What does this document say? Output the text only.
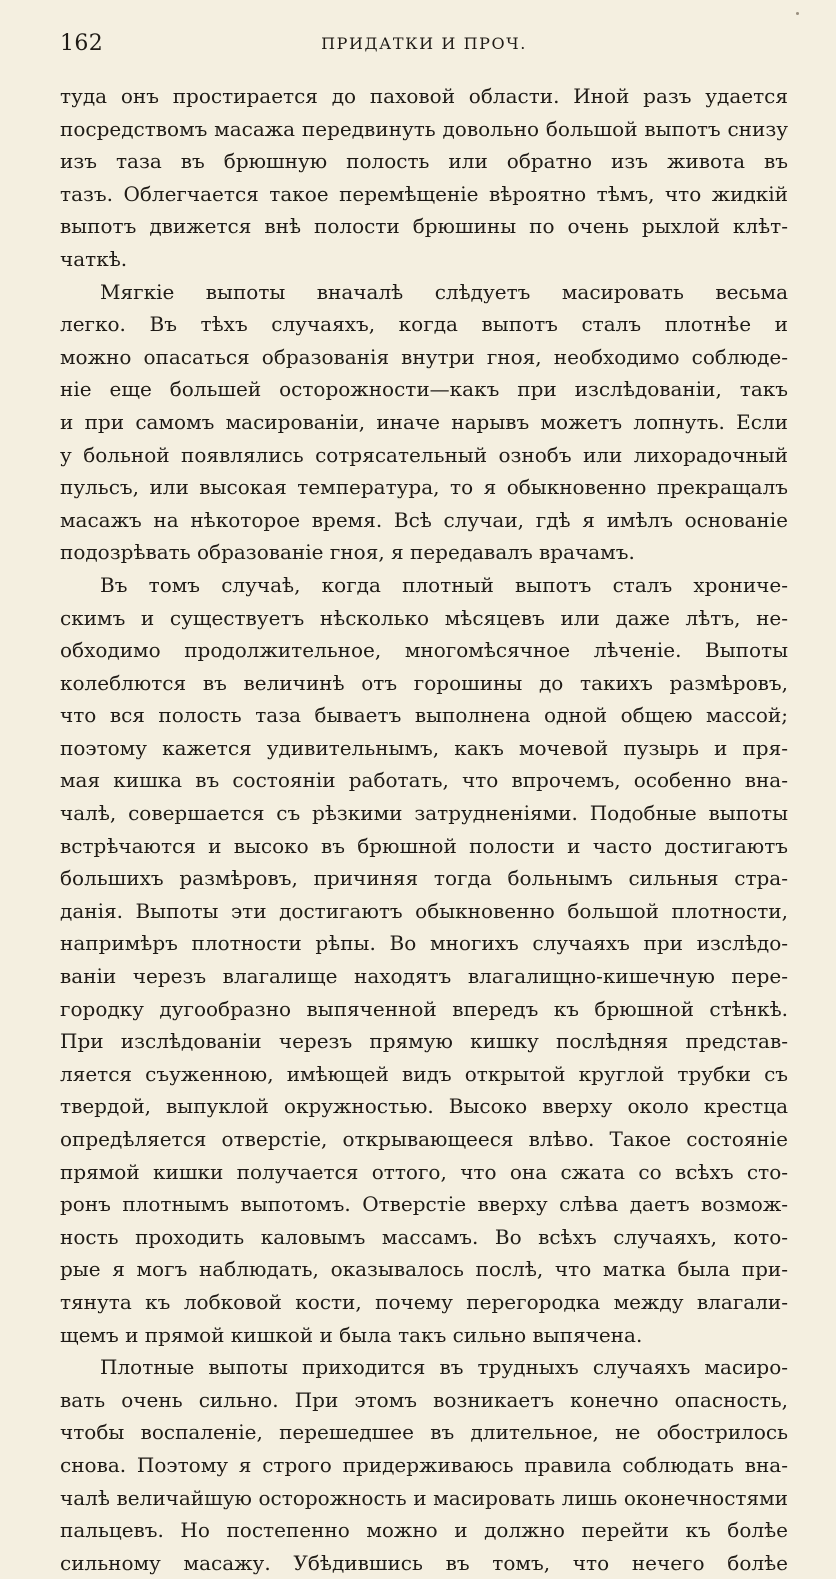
162	ПРИДАТКИ И ПРОЧ.
туда онъ простирается до паховой области. Иной разъ удается
посредствомъ масажа передвинуть довольно большой выпотъ снизу
изъ таза въ брюшную полость или обратно изъ живота въ
тазъ. Облегчается такое перемѣщеніе вѣроятно тѣмъ, что жидкій
выпотъ движется внѣ полости брюшины по очень рыхлой клѣт-
чаткѣ.
Мягкіе выпоты вначалѣ слѣдуетъ масировать весьма
легко. Въ тѣхъ случаяхъ, когда выпотъ сталъ плотнѣе и
можно опасаться образованія внутри гноя, необходимо соблюде-
ніе еще большей осторожности—какъ при изслѣдованіи, такъ
и при самомъ масированіи, иначе нарывъ можетъ лопнуть. Если
у больной появлялись сотрясательный ознобъ или лихорадочный
пульсъ, или высокая температура, то я обыкновенно прекращалъ
масажъ на нѣкоторое время. Всѣ случаи, гдѣ я имѣлъ основаніе
подозрѣвать образованіе гноя, я передавалъ врачамъ.
Въ томъ случаѣ, когда плотный выпотъ сталъ хрониче-
скимъ и существуетъ нѣсколько мѣсяцевъ или даже лѣтъ, не-
обходимо продолжительное, многомѣсячное лѣченіе. Выпоты
колеблются въ величинѣ отъ горошины до такихъ размѣровъ,
что вся полость таза бываетъ выполнена одной общею массой;
поэтому кажется удивительнымъ, какъ мочевой пузырь и пря-
мая кишка въ состояніи работать, что впрочемъ, особенно вна-
чалѣ, совершается съ рѣзкими затрудненіями. Подобные выпоты
встрѣчаются и высоко въ брюшной полости и часто достигаютъ
большихъ размѣровъ, причиняя тогда больнымъ сильныя стра-
данія. Выпоты эти достигаютъ обыкновенно большой плотности,
напримѣръ плотности рѣпы. Во многихъ случаяхъ при изслѣдо-
ваніи черезъ влагалище находятъ влагалищно-кишечную пере-
городку дугообразно выпяченной впередъ къ брюшной стѣнкѣ.
При изслѣдованіи черезъ прямую кишку послѣдняя представ-
ляется съуженною, имѣющей видъ открытой круглой трубки съ
твердой, выпуклой окружностью. Высоко вверху около крестца
опредѣляется отверстіе, открывающееся влѣво. Такое состояніе
прямой кишки получается оттого, что она сжата со всѣхъ сто-
ронъ плотнымъ выпотомъ. Отверстіе вверху слѣва даетъ возмож-
ность проходить каловымъ массамъ. Во всѣхъ случаяхъ, кото-
рые я могъ наблюдать, оказывалось послѣ, что матка была при-
тянута къ лобковой кости, почему перегородка между влагали-
щемъ и прямой кишкой и была такъ сильно выпячена.
Плотные выпоты приходится въ трудныхъ случаяхъ масиро-
вать очень сильно. При этомъ возникаетъ конечно опасность,
чтобы воспаленіе, перешедшее въ длительное, не обострилось
снова. Поэтому я строго придерживаюсь правила соблюдать вна-
чалѣ величайшую осторожность и масировать лишь оконечностями
пальцевъ. Но постепенно можно и должно перейти къ болѣе
сильному масажу. Убѣдившись въ томъ, что нечего болѣе
